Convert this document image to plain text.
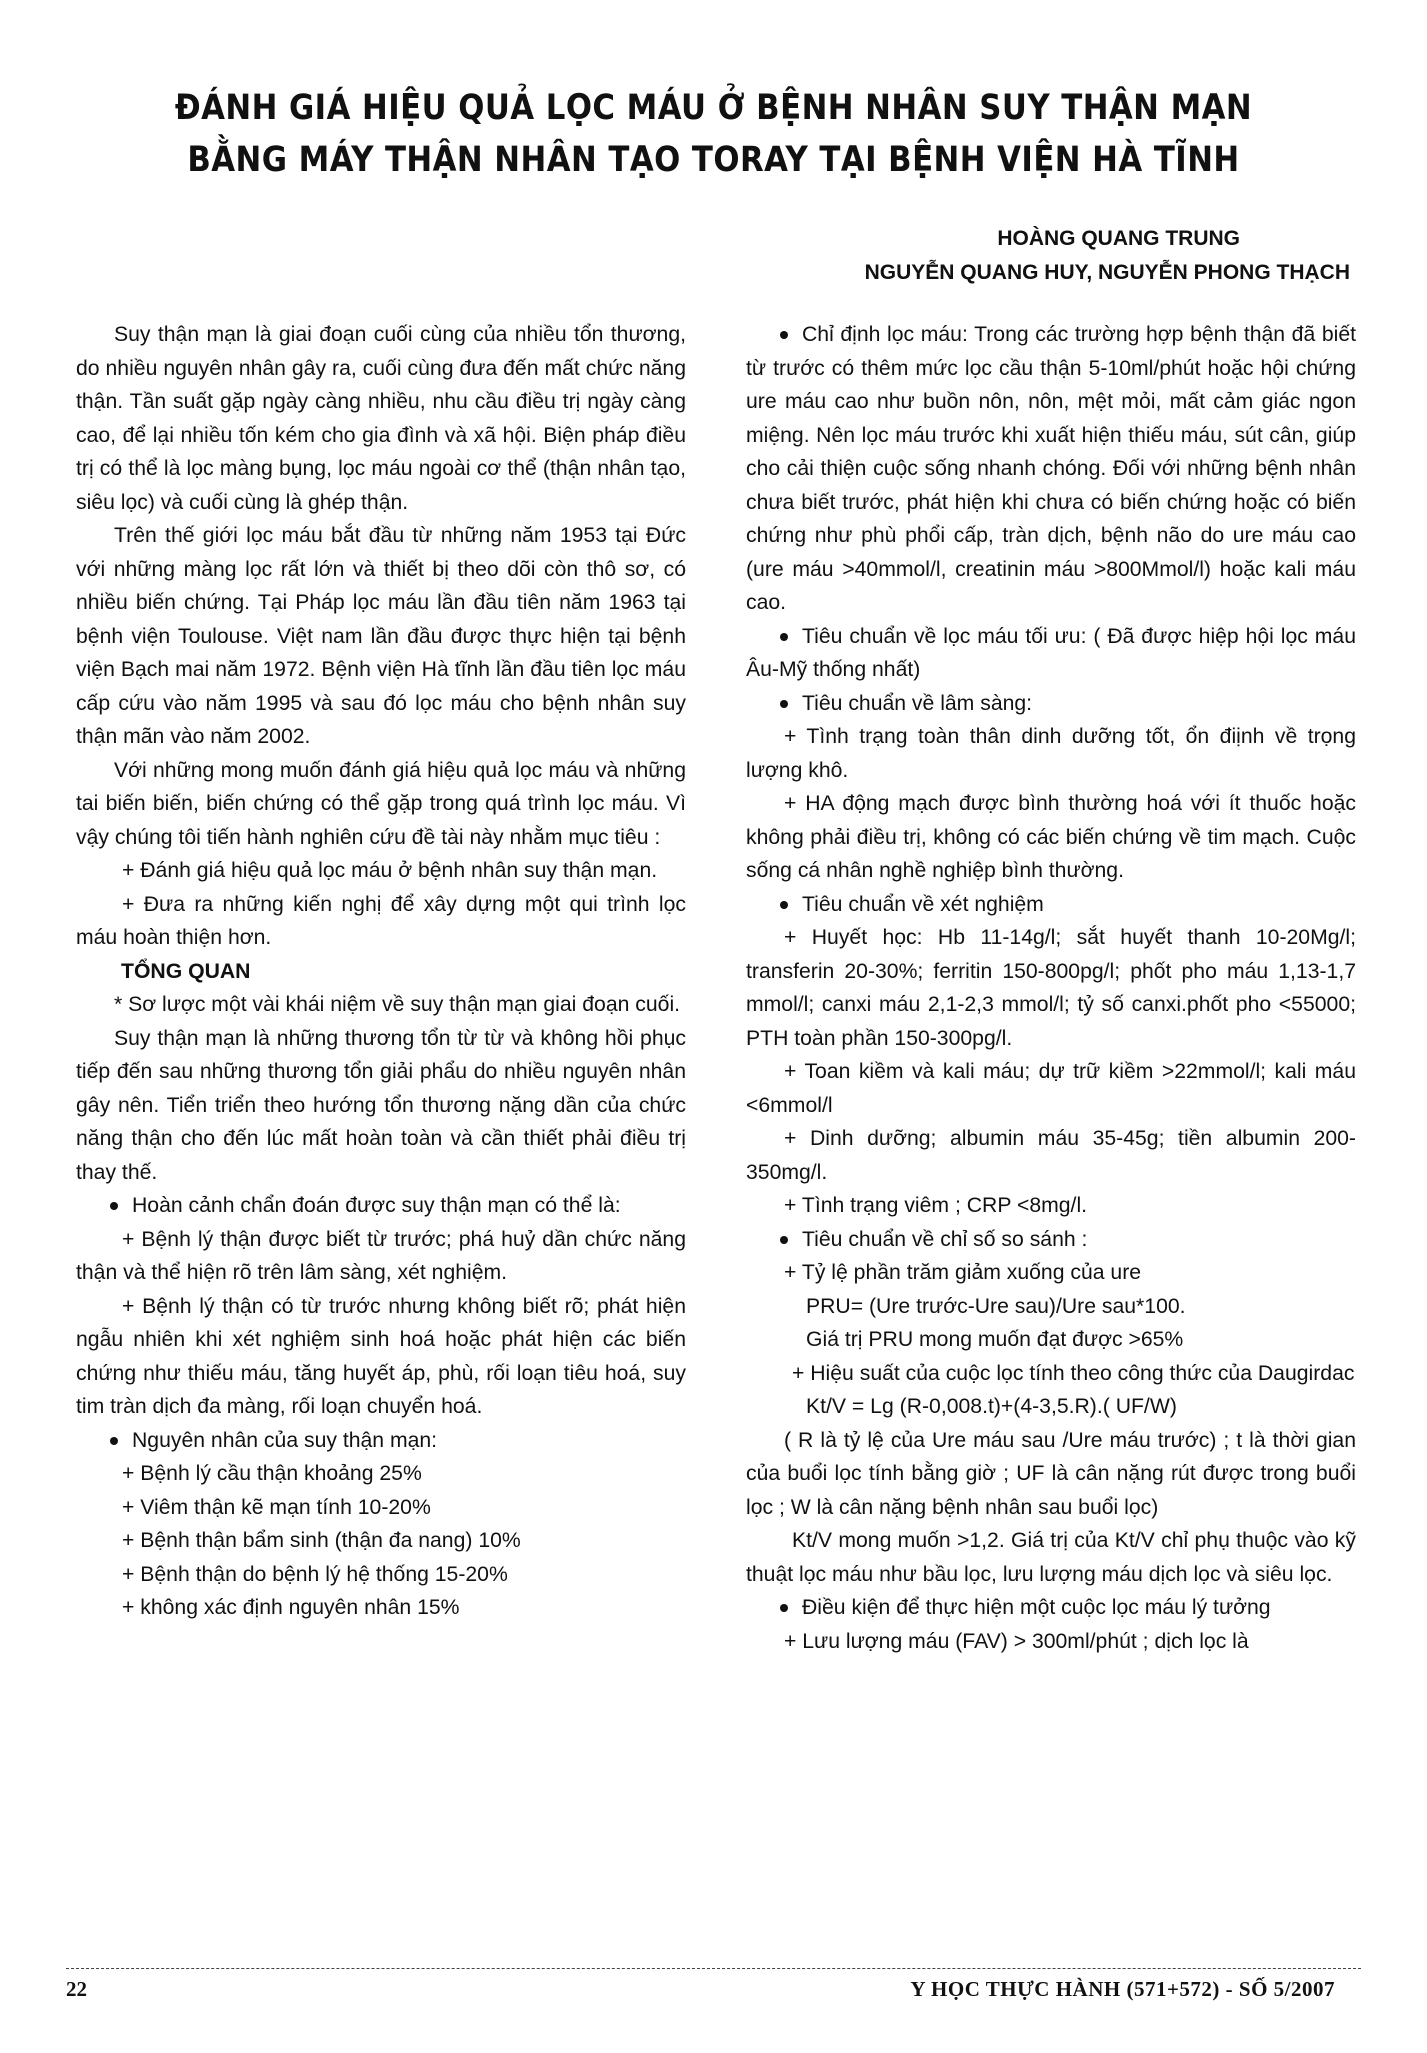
ĐÁNH GIÁ HIỆU QUẢ LỌC MÁU Ở BỆNH NHÂN SUY THẬN MẠN
BẰNG MÁY THẬN NHÂN TẠO TORAY TẠI BỆNH VIỆN HÀ TĨNH
HOÀNG QUANG TRUNG
NGUYỄN QUANG HUY, NGUYỄN PHONG THẠCH

Suy thận mạn là giai đoạn cuối cùng của nhiều tổn thương, do nhiều nguyên nhân gây ra, cuối cùng đưa đến mất chức năng thận. Tần suất gặp ngày càng nhiều, nhu cầu điều trị ngày càng cao, để lại nhiều tốn kém cho gia đình và xã hội. Biện pháp điều trị có thể là lọc màng bụng, lọc máu ngoài cơ thể (thận nhân tạo, siêu lọc) và cuối cùng là ghép thận.

Trên thế giới lọc máu bắt đầu từ những năm 1953 tại Đức với những màng lọc rất lớn và thiết bị theo dõi còn thô sơ, có nhiều biến chứng. Tại Pháp lọc máu lần đầu tiên năm 1963 tại bệnh viện Toulouse. Việt nam lần đầu được thực hiện tại bệnh viện Bạch mai năm 1972. Bệnh viện Hà tĩnh lần đầu tiên lọc máu cấp cứu vào năm 1995 và sau đó lọc máu cho bệnh nhân suy thận mãn vào năm 2002.

Với những mong muốn đánh giá hiệu quả lọc máu và những tai biến biến, biến chứng có thể gặp trong quá trình lọc máu. Vì vậy chúng tôi tiến hành nghiên cứu đề tài này nhằm mục tiêu :

+ Đánh giá hiệu quả lọc máu ở bệnh nhân suy thận mạn.

+ Đưa ra những kiến nghị để xây dựng một qui trình lọc máu hoàn thiện hơn.

TỔNG QUAN

* Sơ lược một vài khái niệm về suy thận mạn giai đoạn cuối.

Suy thận mạn là những thương tổn từ từ và không hồi phục tiếp đến sau những thương tổn giải phẩu do nhiều nguyên nhân gây nên. Tiển triển theo hướng tổn thương nặng dần của chức năng thận cho đến lúc mất hoàn toàn và cần thiết phải điều trị thay thế.

Hoàn cảnh chẩn đoán được suy thận mạn có thể là:

+ Bệnh lý thận được biết từ trước; phá huỷ dần chức năng thận và thể hiện rõ trên lâm sàng, xét nghiệm.

+ Bệnh lý thận có từ trước nhưng không biết rõ; phát hiện ngẫu nhiên khi xét nghiệm sinh hoá hoặc phát hiện các biến chứng như thiếu máu, tăng huyết áp, phù, rối loạn tiêu hoá, suy tim tràn dịch đa màng, rối loạn chuyển hoá.

Nguyên nhân của suy thận mạn:

+ Bệnh lý cầu thận khoảng 25%

+ Viêm thận kẽ mạn tính 10-20%

+ Bệnh thận bẩm sinh (thận đa nang) 10%

+ Bệnh thận do bệnh lý hệ thống 15-20%

+ không xác định nguyên nhân 15%

Chỉ định lọc máu: Trong các trường hợp bệnh thận đã biết từ trước có thêm mức lọc cầu thận 5-10ml/phút hoặc hội chứng ure máu cao như buồn nôn, nôn, mệt mỏi, mất cảm giác ngon miệng. Nên lọc máu trước khi xuất hiện thiếu máu, sút cân, giúp cho cải thiện cuộc sống nhanh chóng. Đối với những bệnh nhân chưa biết trước, phát hiện khi chưa có biến chứng hoặc có biến chứng như phù phổi cấp, tràn dịch, bệnh não do ure máu cao (ure máu >40mmol/l, creatinin máu >800Mmol/l) hoặc kali máu cao.

Tiêu chuẩn về lọc máu tối ưu: ( Đã được hiệp hội lọc máu Âu-Mỹ thống nhất)

Tiêu chuẩn về lâm sàng:

+ Tình trạng toàn thân dinh dưỡng tốt, ổn điịnh về trọng lượng khô.

+ HA động mạch được bình thường hoá với ít thuốc hoặc không phải điều trị, không có các biến chứng về tim mạch. Cuộc sống cá nhân nghề nghiệp bình thường.

Tiêu chuẩn về xét nghiệm

+ Huyết học: Hb 11-14g/l; sắt huyết thanh 10-20Mg/l; transferin 20-30%; ferritin 150-800pg/l; phốt pho máu 1,13-1,7 mmol/l; canxi máu 2,1-2,3 mmol/l; tỷ số canxi.phốt pho <55000; PTH toàn phần 150-300pg/l.

+ Toan kiềm và kali máu; dự trữ kiềm >22mmol/l; kali máu <6mmol/l

+ Dinh dưỡng; albumin máu 35-45g; tiền albumin 200-350mg/l.

+ Tình trạng viêm ; CRP <8mg/l.

Tiêu chuẩn về chỉ số so sánh :

+ Tỷ lệ phần trăm giảm xuống của ure

PRU= (Ure trước-Ure sau)/Ure sau*100.

Giá trị PRU mong muốn đạt được >65%

+ Hiệu suất của cuộc lọc tính theo công thức của Daugirdac

Kt/V = Lg (R-0,008.t)+(4-3,5.R).( UF/W)

( R là tỷ lệ của Ure máu sau /Ure máu trước) ; t là thời gian của buổi lọc tính bằng giờ ; UF là cân nặng rút được trong buổi lọc ; W là cân nặng bệnh nhân sau buổi lọc)

Kt/V mong muốn >1,2. Giá trị của Kt/V chỉ phụ thuộc vào kỹ thuật lọc máu như bầu lọc, lưu lượng máu dịch lọc và siêu lọc.

Điều kiện để thực hiện một cuộc lọc máu lý tưởng

+ Lưu lượng máu (FAV) > 300ml/phút ; dịch lọc là

22	Y HỌC THỰC HÀNH (571+572) - SỐ 5/2007
